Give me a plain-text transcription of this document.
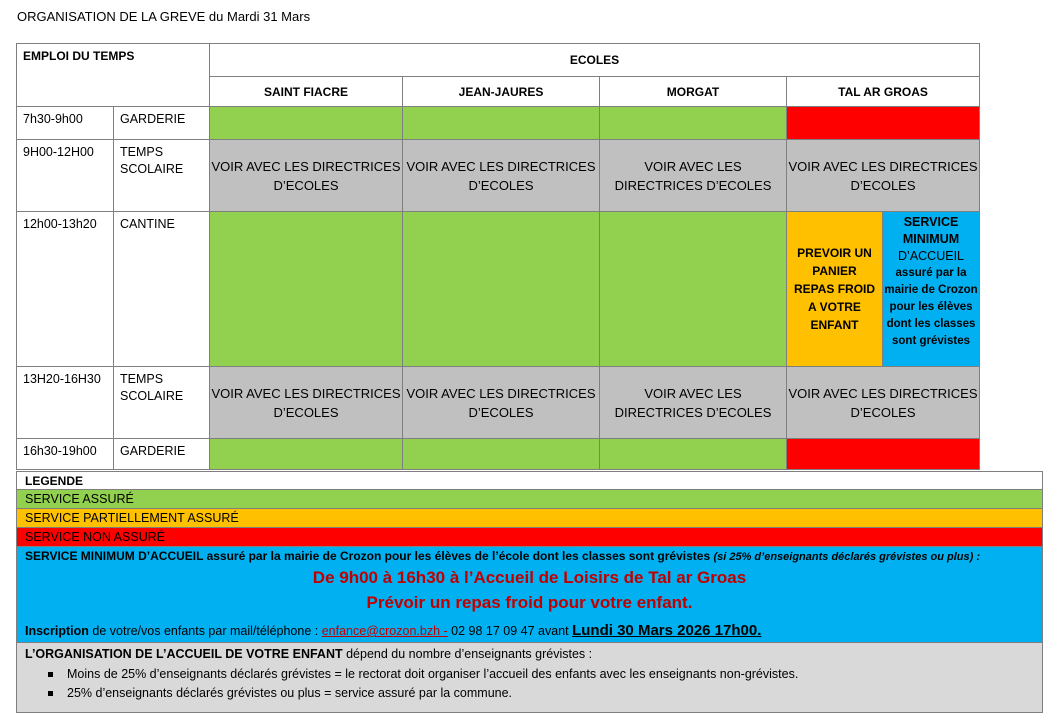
ORGANISATION DE LA GREVE du Mardi 31 Mars
EMPLOI DU TEMPS		ECOLES				
		SAINT FIACRE	JEAN-JAURES	MORGAT	TAL AR GROAS	
7h30-9h00	GARDERIE					
9H00-12H00	TEMPS SCOLAIRE	VOIR AVEC LES DIRECTRICES D’ECOLES	VOIR AVEC LES DIRECTRICES D’ECOLES	VOIR AVEC LES DIRECTRICES D’ECOLES	VOIR AVEC LES DIRECTRICES D’ECOLES	
12h00-13h20	CANTINE				PREVOIR UN PANIER REPAS FROID A VOTRE ENFANT	SERVICE MINIMUM
D’ACCUEIL
assuré par la mairie de Crozon pour les élèves dont les classes sont grévistes

13H20-16H30	TEMPS SCOLAIRE	VOIR AVEC LES DIRECTRICES D’ECOLES	VOIR AVEC LES DIRECTRICES D’ECOLES	VOIR AVEC LES DIRECTRICES D’ECOLES	VOIR AVEC LES DIRECTRICES D’ECOLES	
16h30-19h00	GARDERIE					
LEGENDE
SERVICE ASSURÉ
SERVICE PARTIELLEMENT ASSURÉ
SERVICE NON ASSURÉ
SERVICE MINIMUM D’ACCUEIL assuré par la mairie de Crozon pour les élèves de l’école dont les classes sont grévistes (si 25% d’enseignants déclarés grévistes ou plus) :
De 9h00 à 16h30 à l’Accueil de Loisirs de Tal ar Groas
Prévoir un repas froid pour votre enfant.
Inscription de votre/vos enfants par mail/téléphone : enfance@crozon.bzh - 02 98 17 09 47 avant Lundi 30 Mars 2026 17h00.
L’ORGANISATION DE L’ACCUEIL DE VOTRE ENFANT dépend du nombre d’enseignants grévistes :
Moins de 25% d’enseignants déclarés grévistes = le rectorat doit organiser l’accueil des enfants avec les enseignants non-grévistes.
25% d’enseignants déclarés grévistes ou plus = service assuré par la commune.
